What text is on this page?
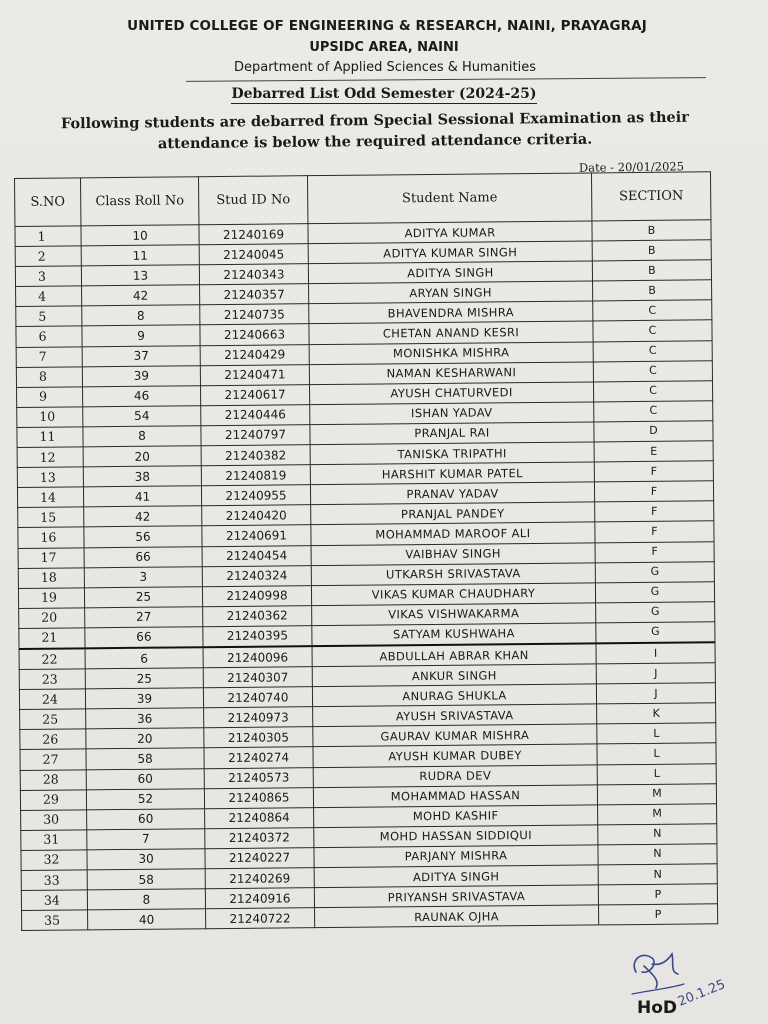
UNITED COLLEGE OF ENGINEERING & RESEARCH, NAINI, PRAYAGRAJ
UPSIDC AREA, NAINI
Department of Applied Sciences & Humanities
Debarred List Odd Semester (2024-25)
Following students are debarred from Special Sessional Examination as their
attendance is below the required attendance criteria.
Date - 20/01/2025
S.NO	Class Roll No	Stud ID No	Student Name	SECTION
1	10	21240169	ADITYA KUMAR	B
2	11	21240045	ADITYA KUMAR SINGH	B
3	13	21240343	ADITYA SINGH	B
4	42	21240357	ARYAN SINGH	B
5	8	21240735	BHAVENDRA MISHRA	C
6	9	21240663	CHETAN ANAND KESRI	C
7	37	21240429	MONISHKA MISHRA	C
8	39	21240471	NAMAN KESHARWANI	C
9	46	21240617	AYUSH CHATURVEDI	C
10	54	21240446	ISHAN YADAV	C
11	8	21240797	PRANJAL RAI	D
12	20	21240382	TANISKA TRIPATHI	E
13	38	21240819	HARSHIT KUMAR PATEL	F
14	41	21240955	PRANAV YADAV	F
15	42	21240420	PRANJAL PANDEY	F
16	56	21240691	MOHAMMAD MAROOF ALI	F
17	66	21240454	VAIBHAV SINGH	F
18	3	21240324	UTKARSH SRIVASTAVA	G
19	25	21240998	VIKAS KUMAR CHAUDHARY	G
20	27	21240362	VIKAS VISHWAKARMA	G
21	66	21240395	SATYAM KUSHWAHA	G
22	6	21240096	ABDULLAH ABRAR KHAN	I
23	25	21240307	ANKUR SINGH	J
24	39	21240740	ANURAG SHUKLA	J
25	36	21240973	AYUSH SRIVASTAVA	K
26	20	21240305	GAURAV KUMAR MISHRA	L
27	58	21240274	AYUSH KUMAR DUBEY	L
28	60	21240573	RUDRA DEV	L
29	52	21240865	MOHAMMAD HASSAN	M
30	60	21240864	MOHD KASHIF	M
31	7	21240372	MOHD HASSAN SIDDIQUI	N
32	30	21240227	PARJANY MISHRA	N
33	58	21240269	ADITYA SINGH	N
34	8	21240916	PRIYANSH SRIVASTAVA	P
35	40	21240722	RAUNAK OJHA	P
20.1.25
HoD
